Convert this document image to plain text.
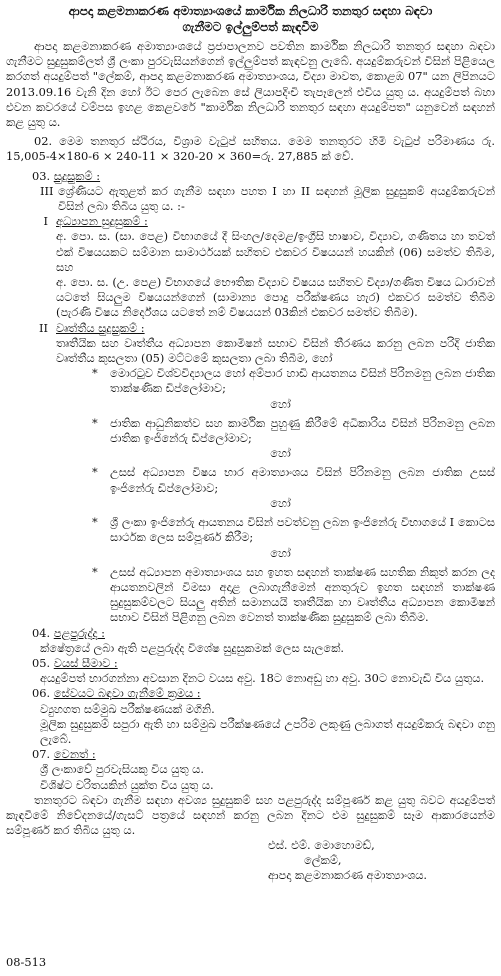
ආපදා කළමනාකරණ අමාත්‍යාංශයේ කාර්මික නිලධාරි තනතුර සඳහා බඳවා

ගැනීමට ඉල්ලුම්පත් කැඳවීම

ආපදා කළමනාකරණ අමාත්‍යාංශයේ ප්‍රජාපාලනව පවතින කාර්මික නිලධාරි තනතුර සඳහා බඳවා ගැනීමට සුදුසුකම්ලත් ශ්‍රී ලංකා පුරවැසියන්ගෙන් ඉල්ලුම්පත් කැඳවනු ලැබේ. අයදුම්කරුවන් විසින් පිළියෙල කරගත් අයදුම්පත් "ලේකම්, ආපදා කළමනාකරණ අමාත්‍යාංශය, විද්‍යා මාවත, කොළඹ 07" යන ලිපිනයට 2013.09.16 වැනි දින හෝ ඊට පෙර ලැබෙන සේ ලියාපදිංචි තැපෑලෙන් එවිය යුතු ය. අයදුම්පත් බහා එවන කවරයේ වම්පස ඉහළ කෙළවරේ "කාර්මික නිලධාරි තනතුර සඳහා අයදුම්පත" යනුවෙන් සඳහන් කළ යුතු ය.

02. මෙම තනතුර ස්ථිරය, විශ්‍රාම වැටුප් සහිතය. මෙම තනතුරට හිමි වැටුප් පරිමාණය රු. 15,005-4×180-6 × 240-11 × 320-20 × 360=රු. 27,885 ක් වේ.

03. සුදුසුකම් :

III ශ්‍රේණියට ඇතුළත් කර ගැනීම සඳහා පහත I හා II සඳහන් මූලික සුදුසුකම් අයදුම්කරුවන් විසින් ලබා තිබිය යුතු ය. :-
I අධ්‍යාපන සුදුසුකම් :
අ. පො. ස. (සා. පෙළ) විභාගයේ දී සිංහල/දෙමළ/ඉංග්‍රීසි භාෂාව, විද්‍යාව, ගණිතය හා තවත් එක් විෂයයකට සම්මාන සාමාර්ථයක් සහිතව එකවර විෂයයන් හයකින් (06) සමත්ව තිබීම, සහ
අ. පො. ස. (උ. පෙළ) විභාගයේ භෞතික විද්‍යාව විෂයය සහිතව විද්‍යා/ගණිත විෂය ධාරාවන් යටතේ සියලුම විෂයයන්ගෙන් (සාමාන්‍ය පොදු පරීක්ෂණය හැර) එකවර සමත්ව තිබීම (පැරණි විෂය නිර්දේශය යටතේ නම් විෂයයන් 03කින් එකවර සමත්ව තිබීම).
II වෘත්තීය සුදුසුකම් :
තෘතීයික සහ වෘත්තීය අධ්‍යාපන කොමිෂන් සභාව විසින් තීරණය කරනු ලබන පරිදි ජාතික වෘත්තීය කුසලතා (05) මට්ටමේ කුසලතා ලබා තිබීම, හෝ
*	මොරටුව විශ්වවිද්‍යාලය හෝ අම්පාර හාඩි ආයතනය විසින් පිරිනමනු ලබන ජාතික තාක්ෂණික ඩිප්ලෝමාව;

හෝ

*	ජාතික ආධුනිකත්ව සහ කාර්මික පුහුණු කිරීමේ අධිකාරිය විසින් පිරිනමනු ලබන ජාතික ඉංජිනේරු ඩිප්ලෝමාව;

හෝ

*	උසස් අධ්‍යාපන විෂය භාර අමාත්‍යාංශය විසින් පිරිනමනු ලබන ජාතික උසස් ඉංජිනේරු ඩිප්ලෝමාව;

හෝ

*	ශ්‍රී ලංකා ඉංජිනේරු ආයතනය විසින් පවත්වනු ලබන ඉංජිනේරු විභාගයේ I කොටස සාර්ථක ලෙස සම්පූර්ණ කිරීම;

හෝ

*	උසස් අධ්‍යාපන අමාත්‍යාංශය සහ ඉහත සඳහන් තාක්ෂණ සහතික නිකුත් කරන ලද ආයතනවලින් විමසා අදාළ ලබාගැනීමෙන් අනතුරුව ඉහත සඳහන් තාක්ෂණ සුදුසුකම්වලට සියලු අතින් සමානයයි තෘතීයික හා වෘත්තීය අධ්‍යාපන කොමිෂන් සභාව විසින් පිළිගනු ලබන වෙනත් තාක්ෂණික සුදුසුකම් ලබා තිබීම.

04. පළපුරුද්ද :

ක්ෂේත්‍රයේ ලබා ඇති පළපුරුද්ද විශේෂ සුදුසුකමක් ලෙස සැලකේ.

05. වයස් සීමාව :

අයදුම්පත් භාරගන්නා අවසාන දිනට වයස අවු. 18ට නොඅඩු හා අවු. 30ට නොවැඩි විය යුතුය.

06. සේවයට බඳවා ගැනීමේ ක්‍රමය :

ව්‍යුහගත සම්මුඛ පරීක්ෂණයක් මගිනි.

මූලික සුදුසුකම් සපුරා ඇති හා සම්මුඛ පරීක්ෂණයේ උපරිම ලකුණු ලබාගත් අයදුම්කරු බඳවා ගනු ලැබේ.

07. වෙනත් :

ශ්‍රී ලංකාවේ පුරවැසියකු විය යුතු ය.

විශිෂ්ට චරිතයකින් යුක්ත විය යුතු ය.

තනතුරට බඳවා ගැනීම සඳහා අවශ්‍ය සුදුසුකම් සහ පළපුරුද්ද සම්පූර්ණ කළ යුතු බවට අයදුම්පත් කැඳවීමේ නිවේදනයේ/ගැසට් පත්‍රයේ සඳහන් කරනු ලබන දිනට එම සුදුසුකම් සෑම ආකාරයෙන්ම සම්පූර්ණ කර තිබිය යුතු ය.

එස්. එම්. මොහොමඩ්,

ලේකම්,

ආපදා කළමනාකරණ අමාත්‍යාංශය.

08-513
